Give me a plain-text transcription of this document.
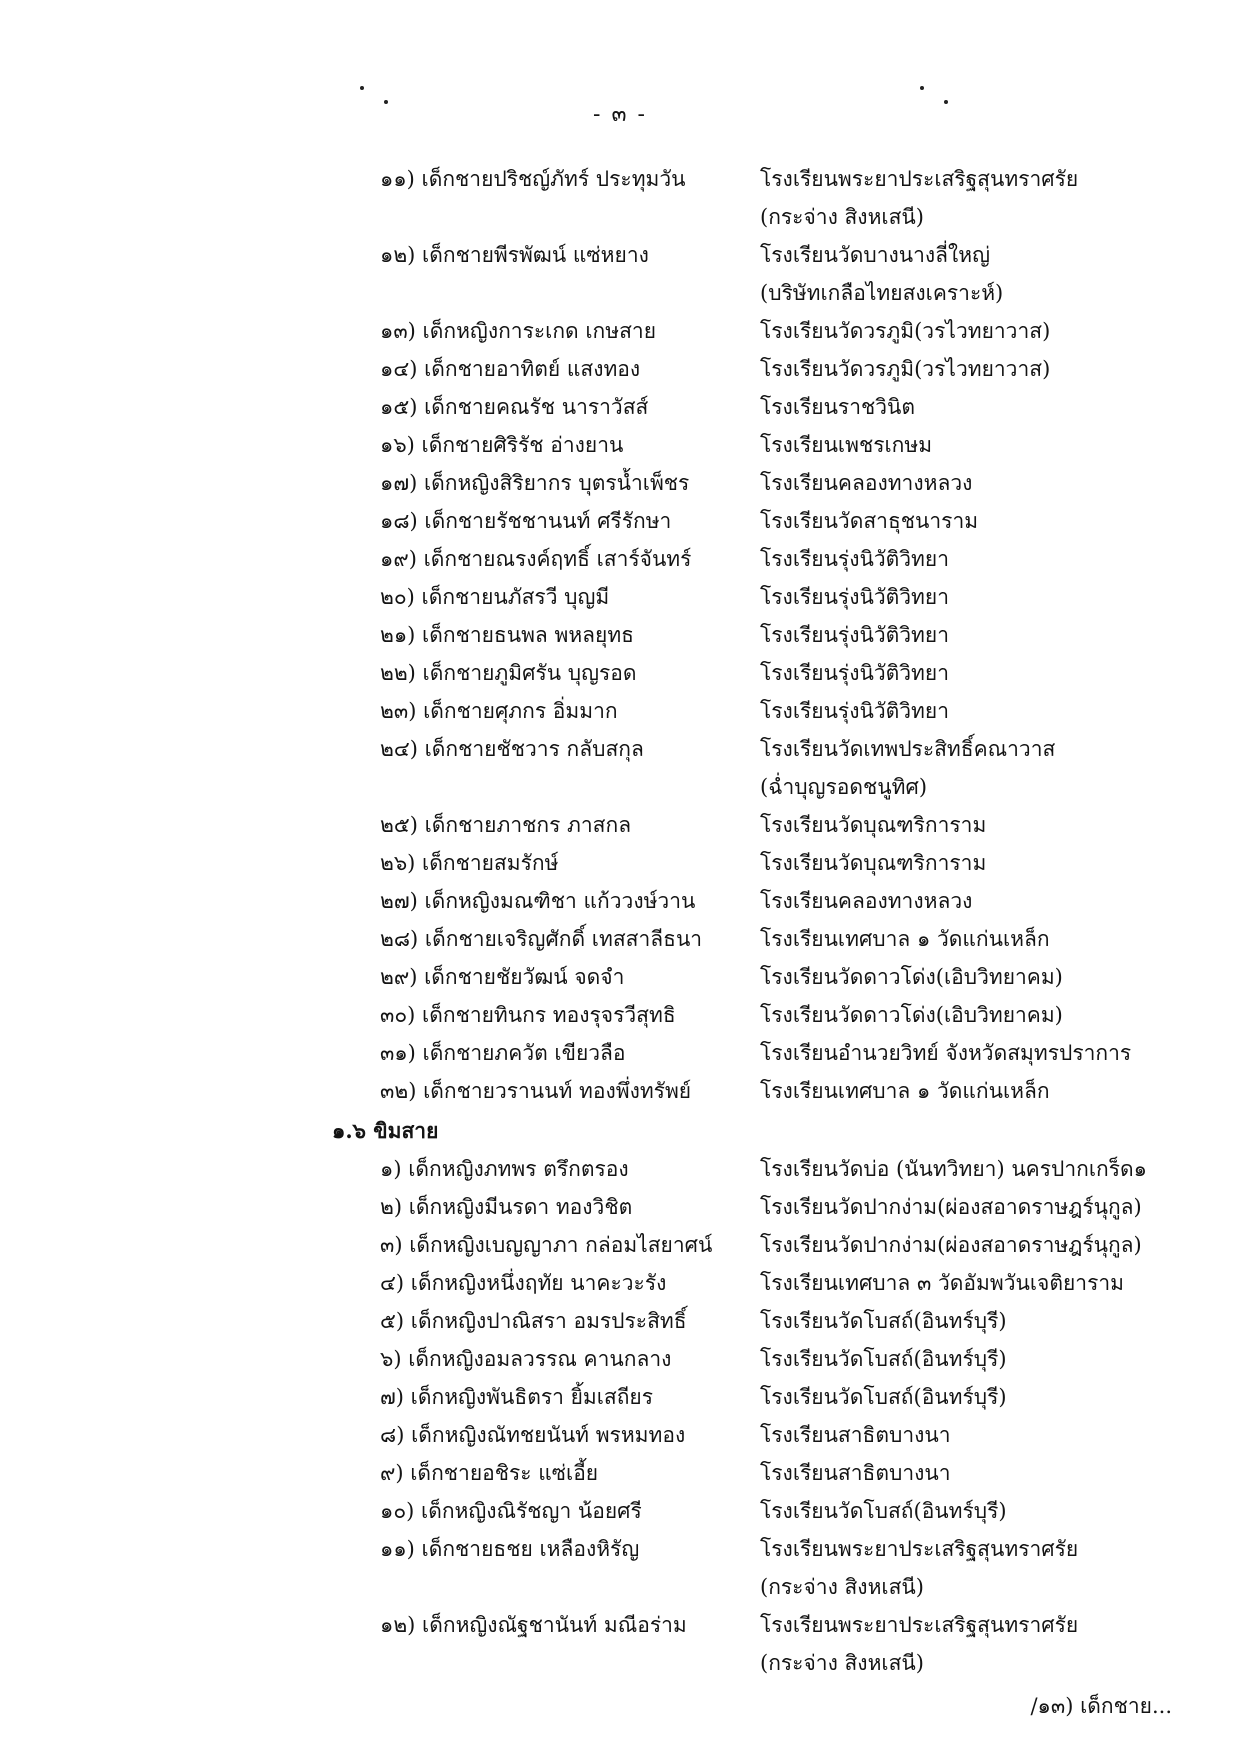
- ๓ -
๑๑) เด็กชายปริชญ์ภัทร์ ประทุมวัน	โรงเรียนพระยาประเสริฐสุนทราศรัย
(กระจ่าง สิงหเสนี)
๑๒) เด็กชายพีรพัฒน์ แซ่หยาง	โรงเรียนวัดบางนางลี่ใหญ่
(บริษัทเกลือไทยสงเคราะห์)
๑๓) เด็กหญิงการะเกด เกษสาย	โรงเรียนวัดวรภูมิ(วรไวทยาวาส)
๑๔) เด็กชายอาทิตย์ แสงทอง	โรงเรียนวัดวรภูมิ(วรไวทยาวาส)
๑๕) เด็กชายคณรัช นาราวัสส์	โรงเรียนราชวินิต
๑๖) เด็กชายศิริรัช อ่างยาน	โรงเรียนเพชรเกษม
๑๗) เด็กหญิงสิริยากร บุตรน้ำเพ็ชร	โรงเรียนคลองทางหลวง
๑๘) เด็กชายรัชชานนท์ ศรีรักษา	โรงเรียนวัดสาธุชนาราม
๑๙) เด็กชายณรงค์ฤทธิ์ เสาร์จันทร์	โรงเรียนรุ่งนิวัติวิทยา
๒๐) เด็กชายนภัสรวี บุญมี	โรงเรียนรุ่งนิวัติวิทยา
๒๑) เด็กชายธนพล พหลยุทธ	โรงเรียนรุ่งนิวัติวิทยา
๒๒) เด็กชายภูมิศรัน บุญรอด	โรงเรียนรุ่งนิวัติวิทยา
๒๓) เด็กชายศุภกร อิ่มมาก	โรงเรียนรุ่งนิวัติวิทยา
๒๔) เด็กชายชัชวาร กลับสกุล	โรงเรียนวัดเทพประสิทธิ์คณาวาส
(ฉ่ำบุญรอดชนูทิศ)
๒๕) เด็กชายภาชกร ภาสกล	โรงเรียนวัดบุณฑริการาม
๒๖) เด็กชายสมรักษ์	โรงเรียนวัดบุณฑริการาม
๒๗) เด็กหญิงมณฑิชา แก้ววงษ์วาน	โรงเรียนคลองทางหลวง
๒๘) เด็กชายเจริญศักดิ์ เทสสาลีธนา	โรงเรียนเทศบาล ๑ วัดแก่นเหล็ก
๒๙) เด็กชายชัยวัฒน์ จดจำ	โรงเรียนวัดดาวโด่ง(เอิบวิทยาคม)
๓๐) เด็กชายทินกร ทองรุจรวีสุทธิ	โรงเรียนวัดดาวโด่ง(เอิบวิทยาคม)
๓๑) เด็กชายภควัต เขียวลือ	โรงเรียนอำนวยวิทย์ จังหวัดสมุทรปราการ
๓๒) เด็กชายวรานนท์ ทองพึ่งทรัพย์	โรงเรียนเทศบาล ๑ วัดแก่นเหล็ก
๑.๖ ขิมสาย
๑) เด็กหญิงภทพร ตรึกตรอง	โรงเรียนวัดบ่อ (นันทวิทยา) นครปากเกร็ด๑
๒) เด็กหญิงมีนรดา ทองวิชิต	โรงเรียนวัดปากง่าม(ผ่องสอาดราษฎร์นุกูล)
๓) เด็กหญิงเบญญาภา กล่อมไสยาศน์	โรงเรียนวัดปากง่าม(ผ่องสอาดราษฎร์นุกูล)
๔) เด็กหญิงหนึ่งฤทัย นาคะวะรัง	โรงเรียนเทศบาล ๓ วัดอัมพวันเจติยาราม
๕) เด็กหญิงปาณิสรา อมรประสิทธิ์	โรงเรียนวัดโบสถ์(อินทร์บุรี)
๖) เด็กหญิงอมลวรรณ คานกลาง	โรงเรียนวัดโบสถ์(อินทร์บุรี)
๗) เด็กหญิงพันธิตรา ยิ้มเสถียร	โรงเรียนวัดโบสถ์(อินทร์บุรี)
๘) เด็กหญิงณัทชยนันท์ พรหมทอง	โรงเรียนสาธิตบางนา
๙) เด็กชายอชิระ แซ่เอี้ย	โรงเรียนสาธิตบางนา
๑๐) เด็กหญิงณิรัชญา น้อยศรี	โรงเรียนวัดโบสถ์(อินทร์บุรี)
๑๑) เด็กชายธชย เหลืองหิรัญ	โรงเรียนพระยาประเสริฐสุนทราศรัย
(กระจ่าง สิงหเสนี)
๑๒) เด็กหญิงณัฐชานันท์ มณีอร่าม	โรงเรียนพระยาประเสริฐสุนทราศรัย
(กระจ่าง สิงหเสนี)
/๑๓) เด็กชาย...
